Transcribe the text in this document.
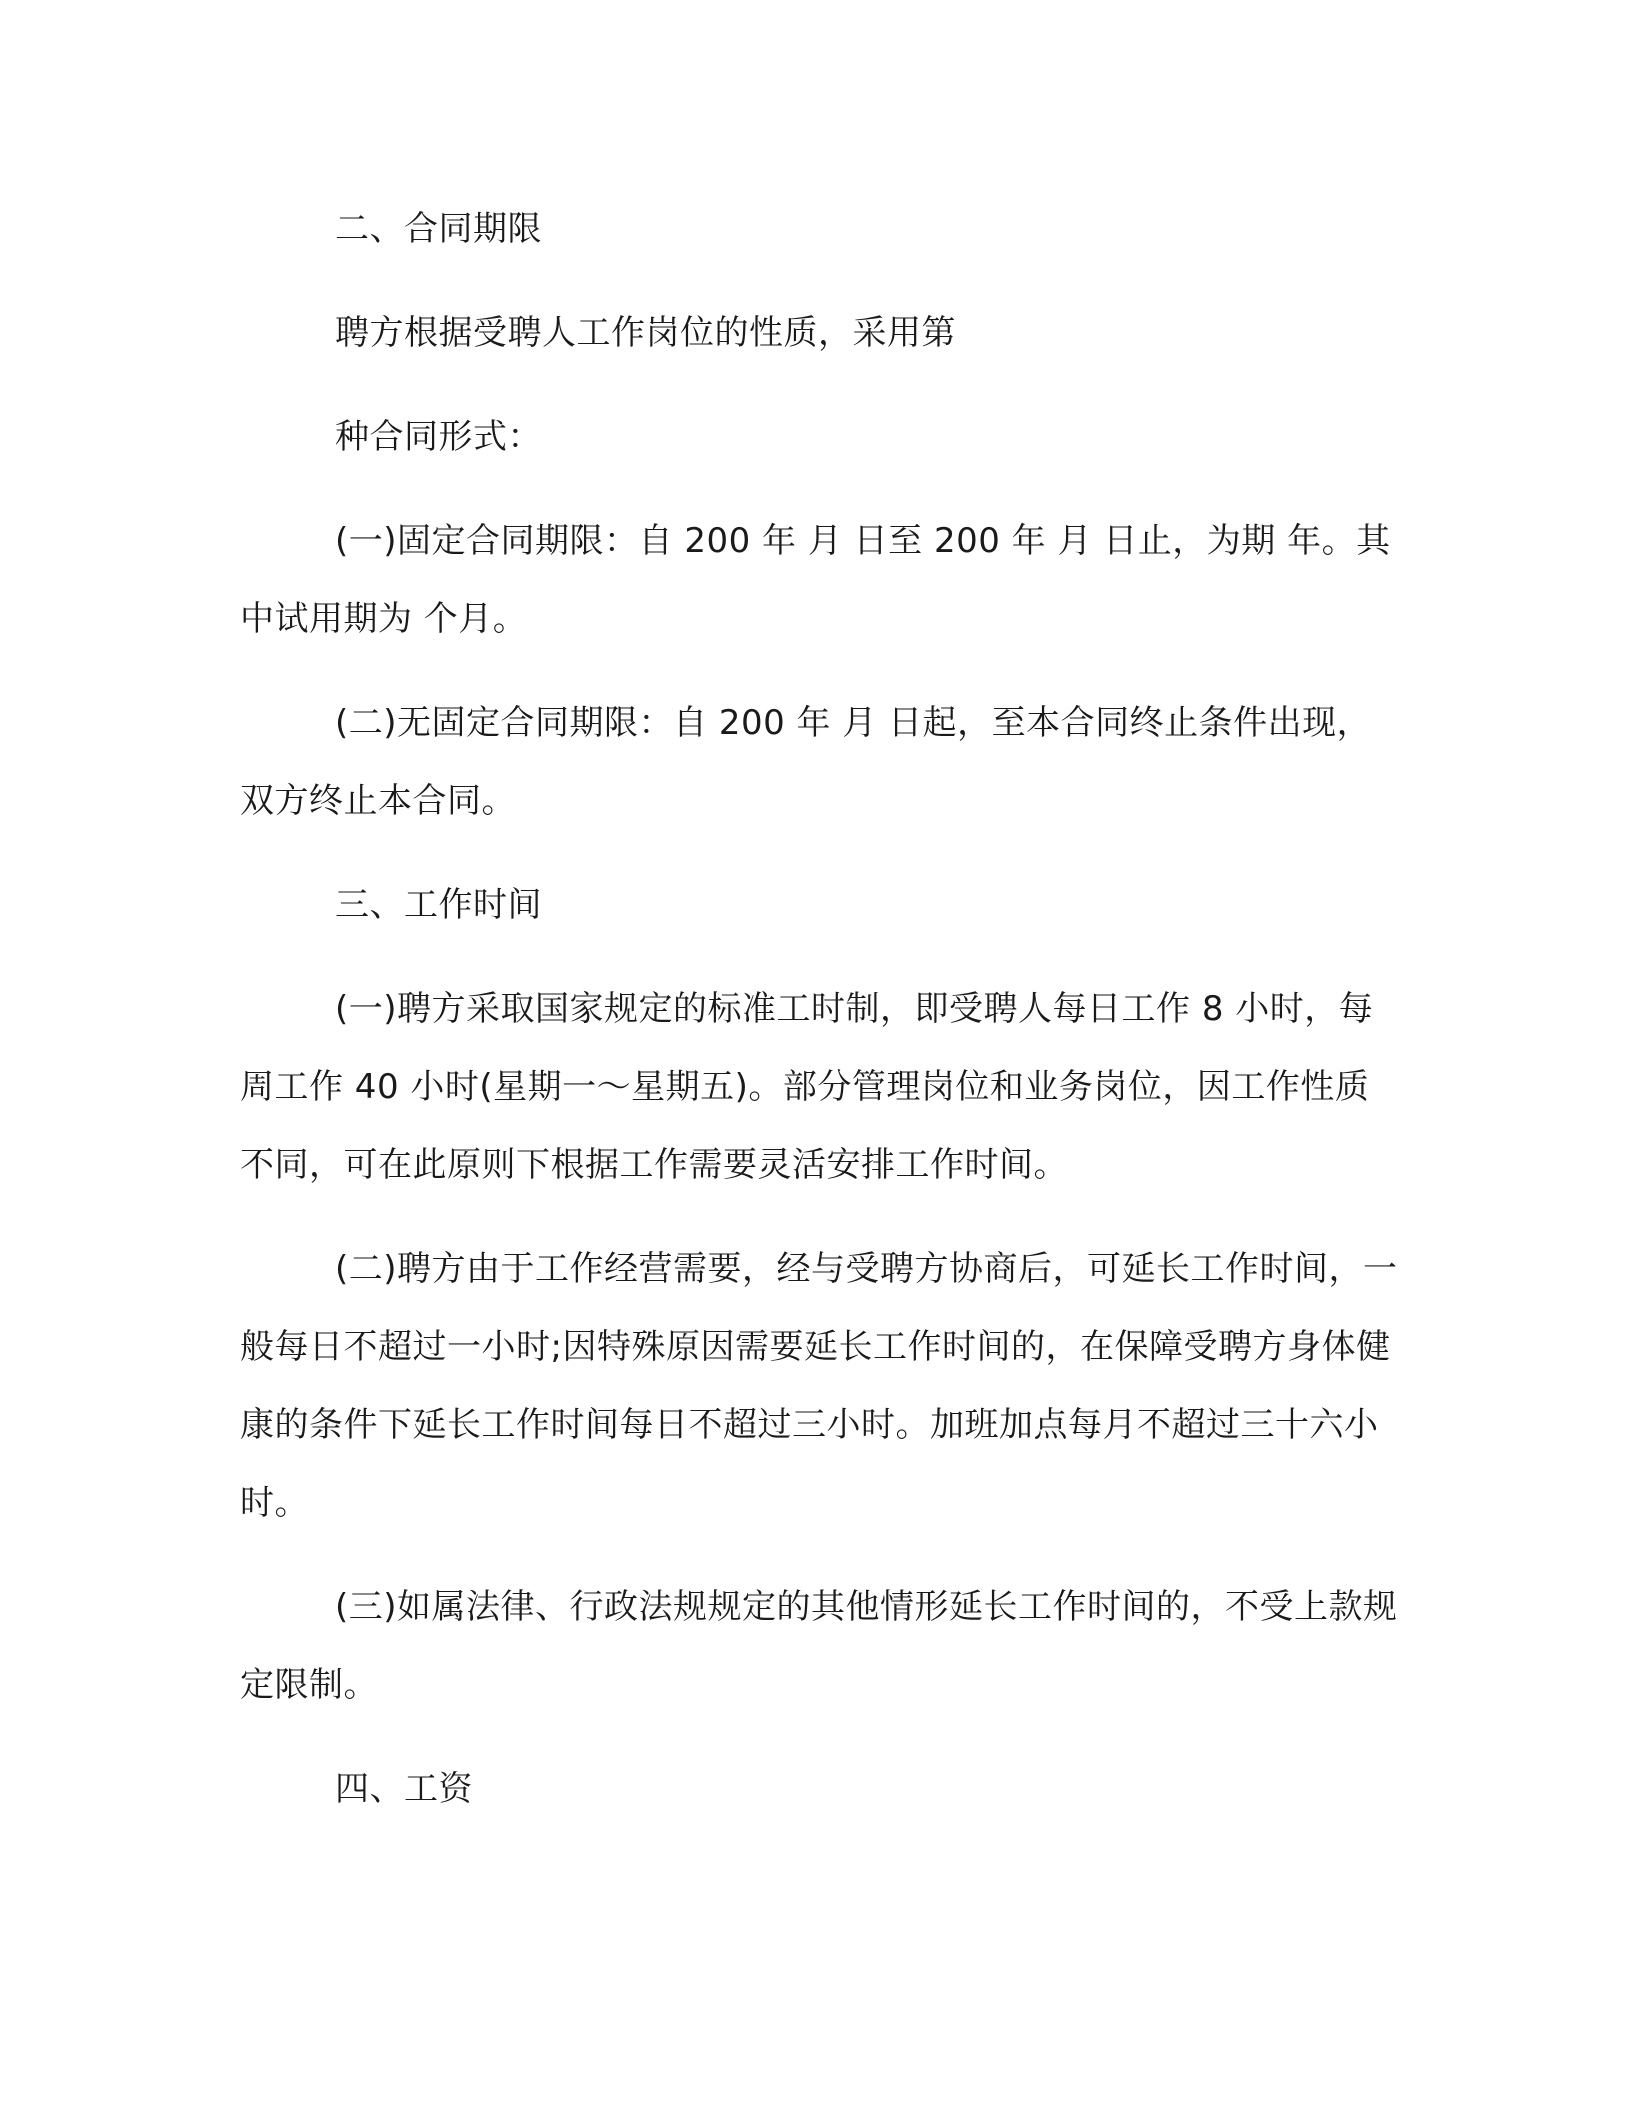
二、合同期限

聘方根据受聘人工作岗位的性质，采用第

种合同形式：

(一)固定合同期限：自 200 年 月 日至 200 年 月 日止，为期 年。其中试用期为 个月。

(二)无固定合同期限：自 200 年 月 日起，至本合同终止条件出现，双方终止本合同。

三、工作时间

(一)聘方采取国家规定的标准工时制，即受聘人每日工作 8 小时，每周工作 40 小时(星期一～星期五)。部分管理岗位和业务岗位，因工作性质不同，可在此原则下根据工作需要灵活安排工作时间。

(二)聘方由于工作经营需要，经与受聘方协商后，可延长工作时间，一般每日不超过一小时;因特殊原因需要延长工作时间的，在保障受聘方身体健康的条件下延长工作时间每日不超过三小时。加班加点每月不超过三十六小时。

(三)如属法律、行政法规规定的其他情形延长工作时间的，不受上款规定限制。

四、工资
